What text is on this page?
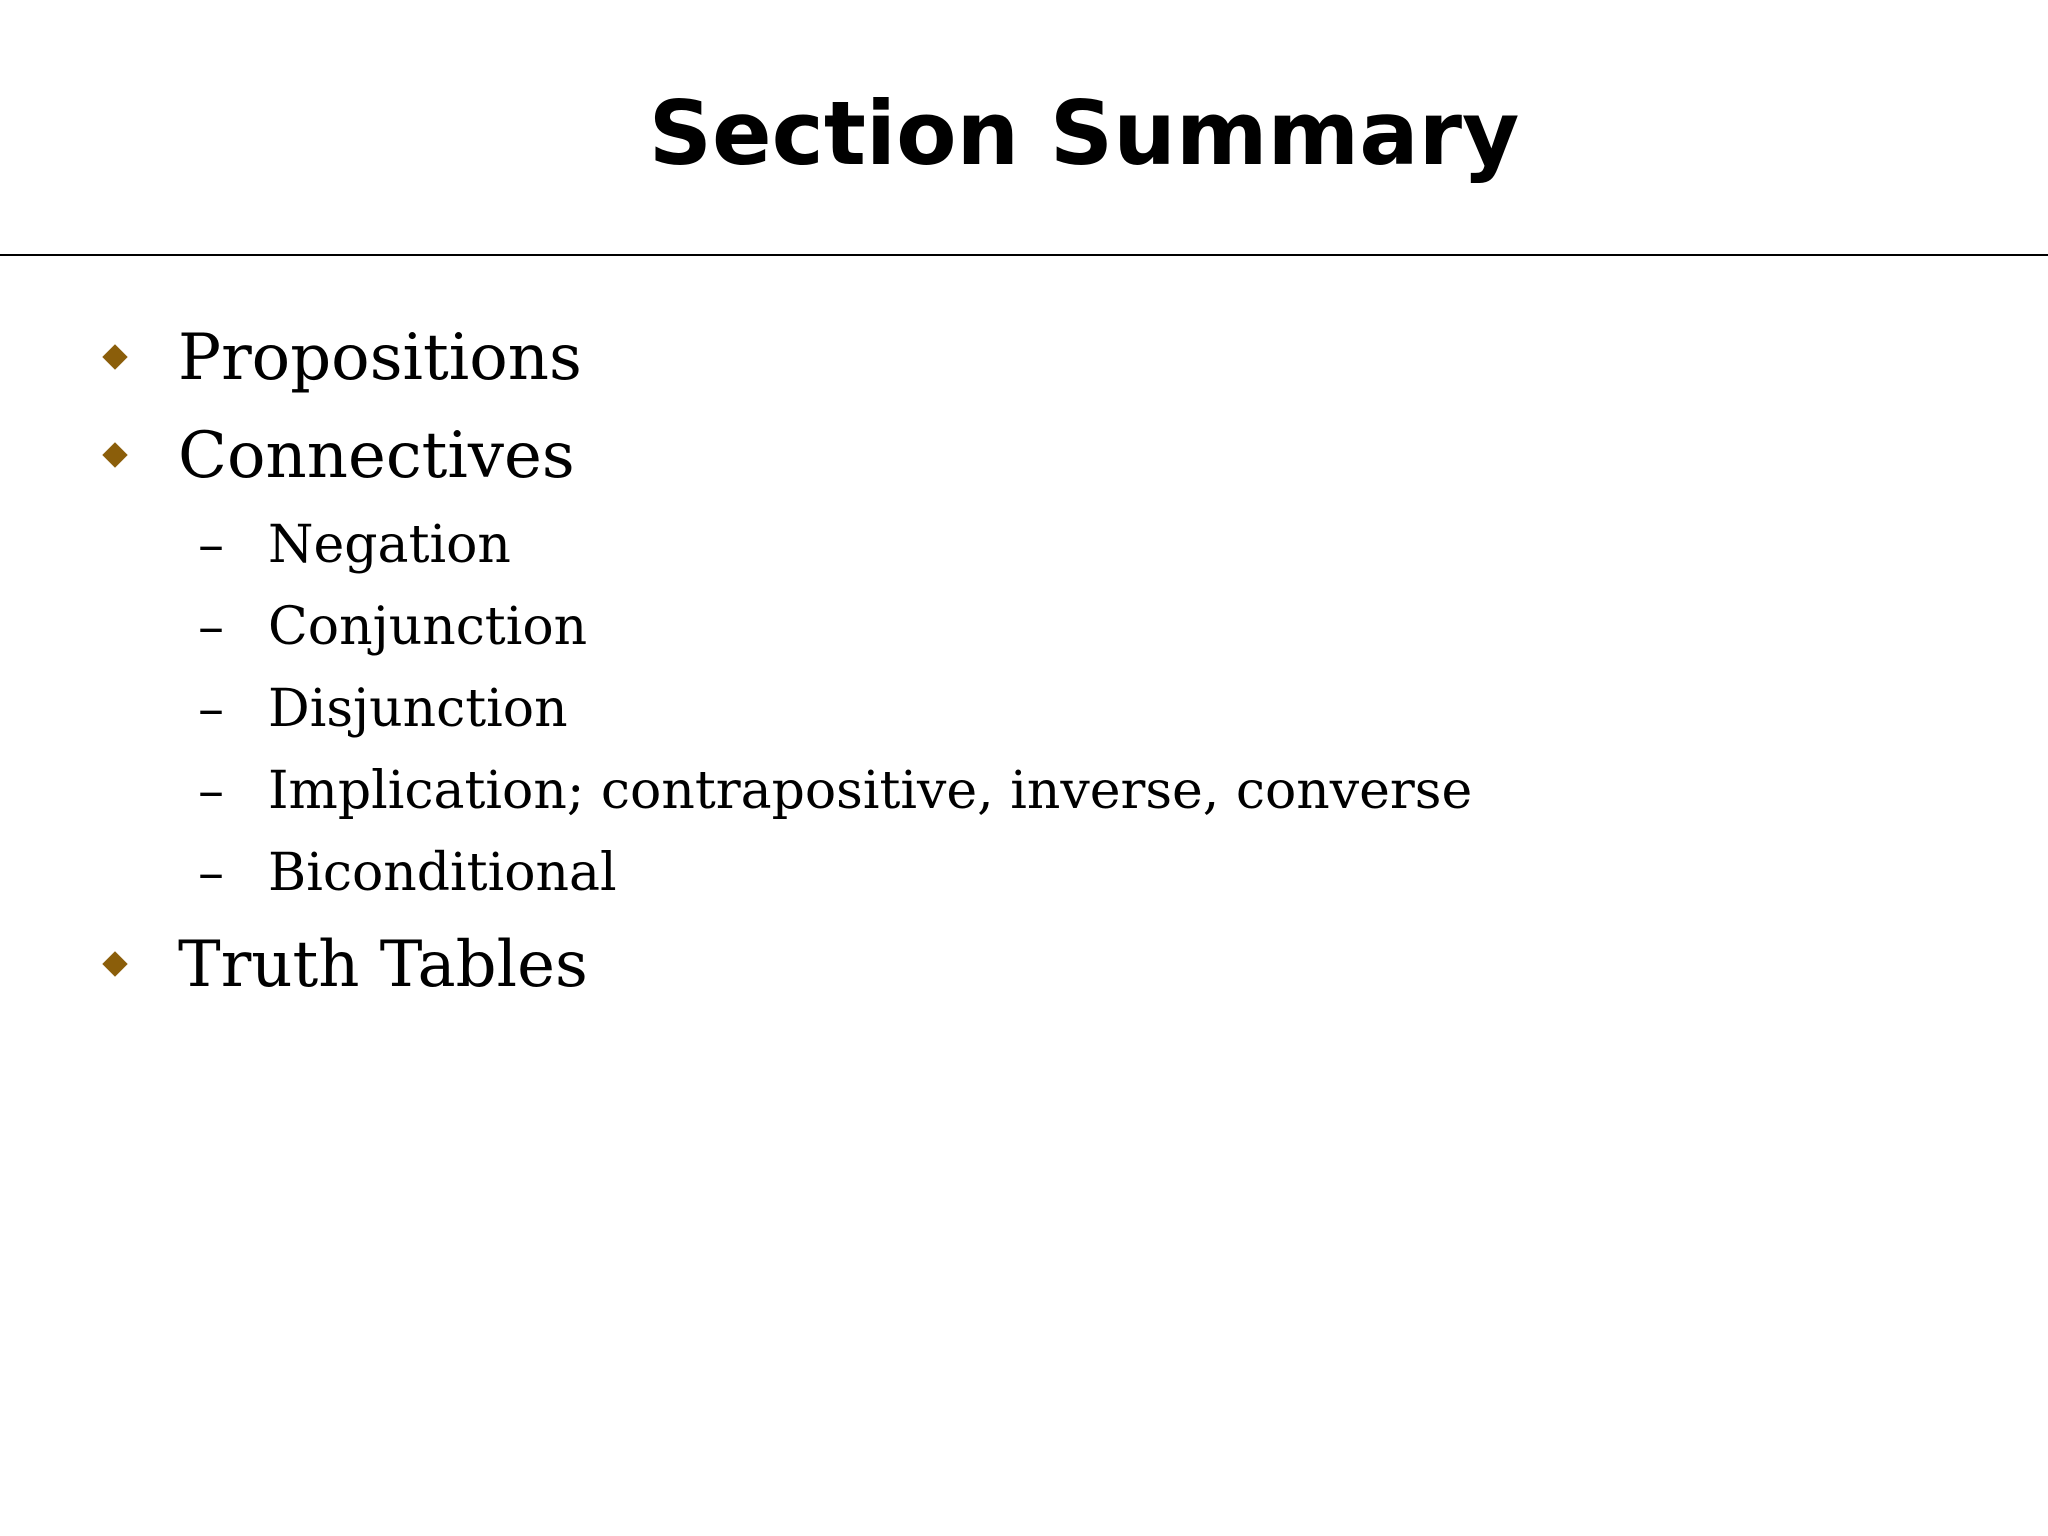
Section Summary
Propositions
Connectives
– Negation
– Conjunction
– Disjunction
– Implication; contrapositive, inverse, converse
– Biconditional
Truth Tables
